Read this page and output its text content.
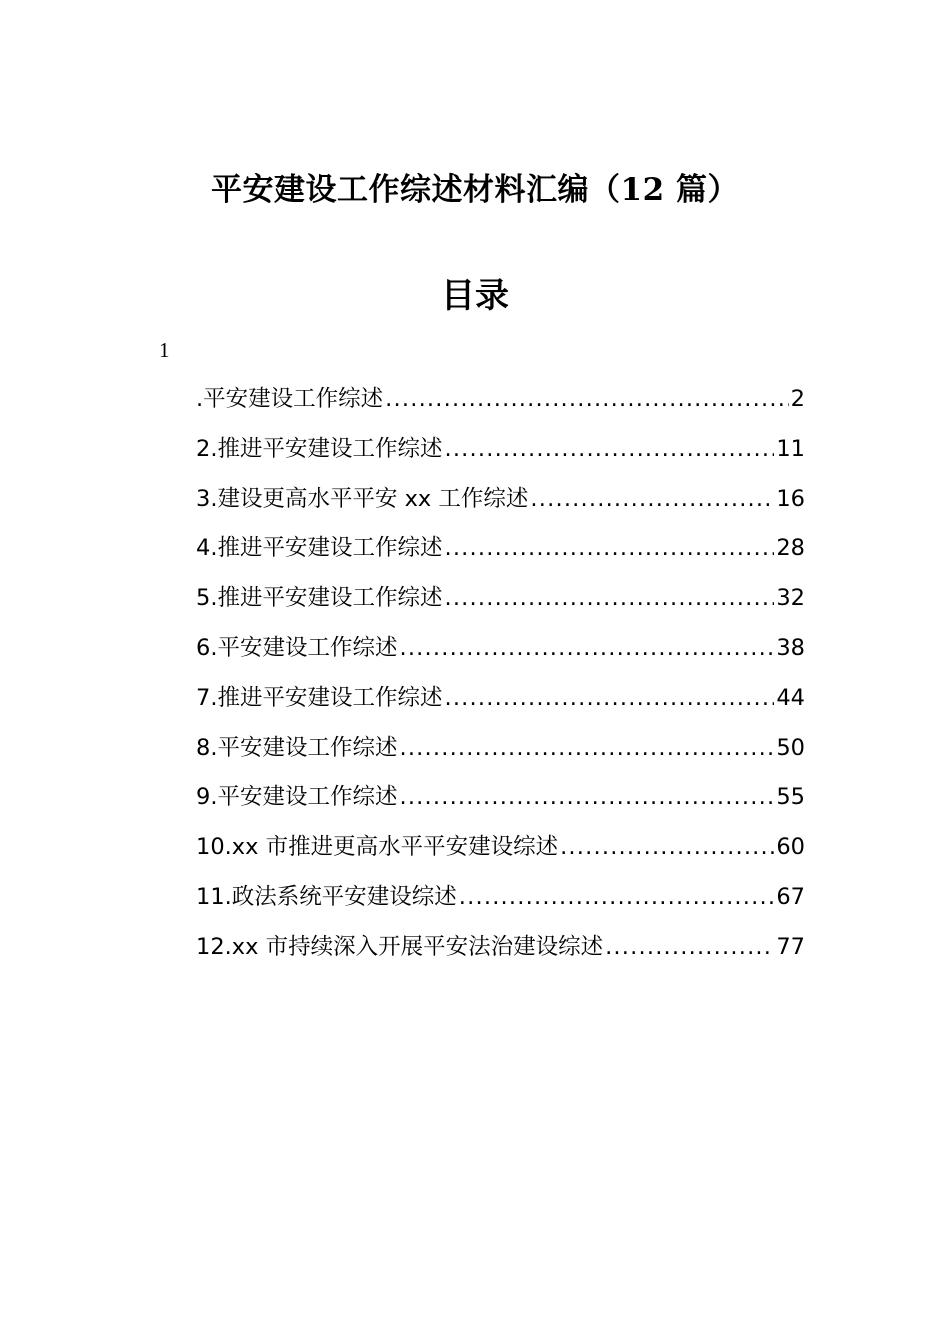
平安建设工作综述材料汇编（12 篇）
目录
1
.平安建设工作综述 .....	2
2.推进平安建设工作综述 .....	11
3.建设更高水平平安 xx 工作综述 .....	16
4.推进平安建设工作综述 .....	28
5.推进平安建设工作综述 .....	32
6.平安建设工作综述 .....	38
7.推进平安建设工作综述 .....	44
8.平安建设工作综述 .....	50
9.平安建设工作综述 .....	55
10.xx 市推进更高水平平安建设综述 .....	60
11.政法系统平安建设综述 .....	67
12.xx 市持续深入开展平安法治建设综述 .....	77
